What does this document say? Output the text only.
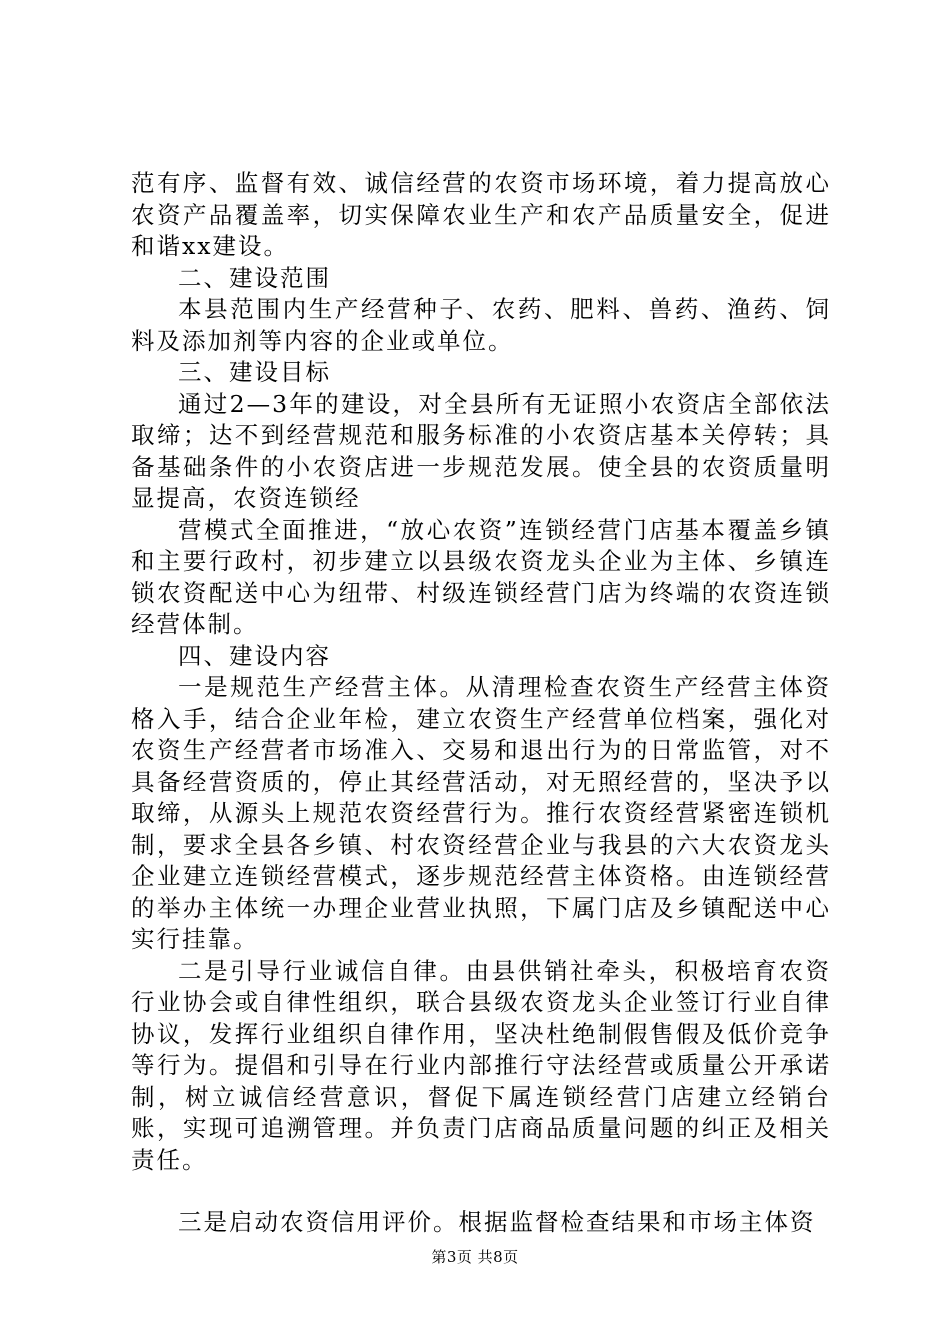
范有序、监督有效、诚信经营的农资市场环境，着力提高放心农资产品覆盖率，切实保障农业生产和农产品质量安全，促进和谐xx建设。

二、建设范围

本县范围内生产经营种子、农药、肥料、兽药、渔药、饲料及添加剂等内容的企业或单位。

三、建设目标

通过2—3年的建设，对全县所有无证照小农资店全部依法取缔；达不到经营规范和服务标准的小农资店基本关停转；具备基础条件的小农资店进一步规范发展。使全县的农资质量明显提高，农资连锁经

营模式全面推进，“放心农资”连锁经营门店基本覆盖乡镇和主要行政村，初步建立以县级农资龙头企业为主体、乡镇连锁农资配送中心为纽带、村级连锁经营门店为终端的农资连锁经营体制。

四、建设内容

一是规范生产经营主体。从清理检查农资生产经营主体资格入手，结合企业年检，建立农资生产经营单位档案，强化对农资生产经营者市场准入、交易和退出行为的日常监管，对不具备经营资质的，停止其经营活动，对无照经营的，坚决予以取缔，从源头上规范农资经营行为。推行农资经营紧密连锁机制，要求全县各乡镇、村农资经营企业与我县的六大农资龙头企业建立连锁经营模式，逐步规范经营主体资格。由连锁经营的举办主体统一办理企业营业执照，下属门店及乡镇配送中心实行挂靠。

二是引导行业诚信自律。由县供销社牵头，积极培育农资行业协会或自律性组织，联合县级农资龙头企业签订行业自律协议，发挥行业组织自律作用，坚决杜绝制假售假及低价竞争等行为。提倡和引导在行业内部推行守法经营或质量公开承诺制，树立诚信经营意识，督促下属连锁经营门店建立经销台账，实现可追溯管理。并负责门店商品质量问题的纠正及相关责任。

三是启动农资信用评价。根据监督检查结果和市场主体资

第3页 共8页
